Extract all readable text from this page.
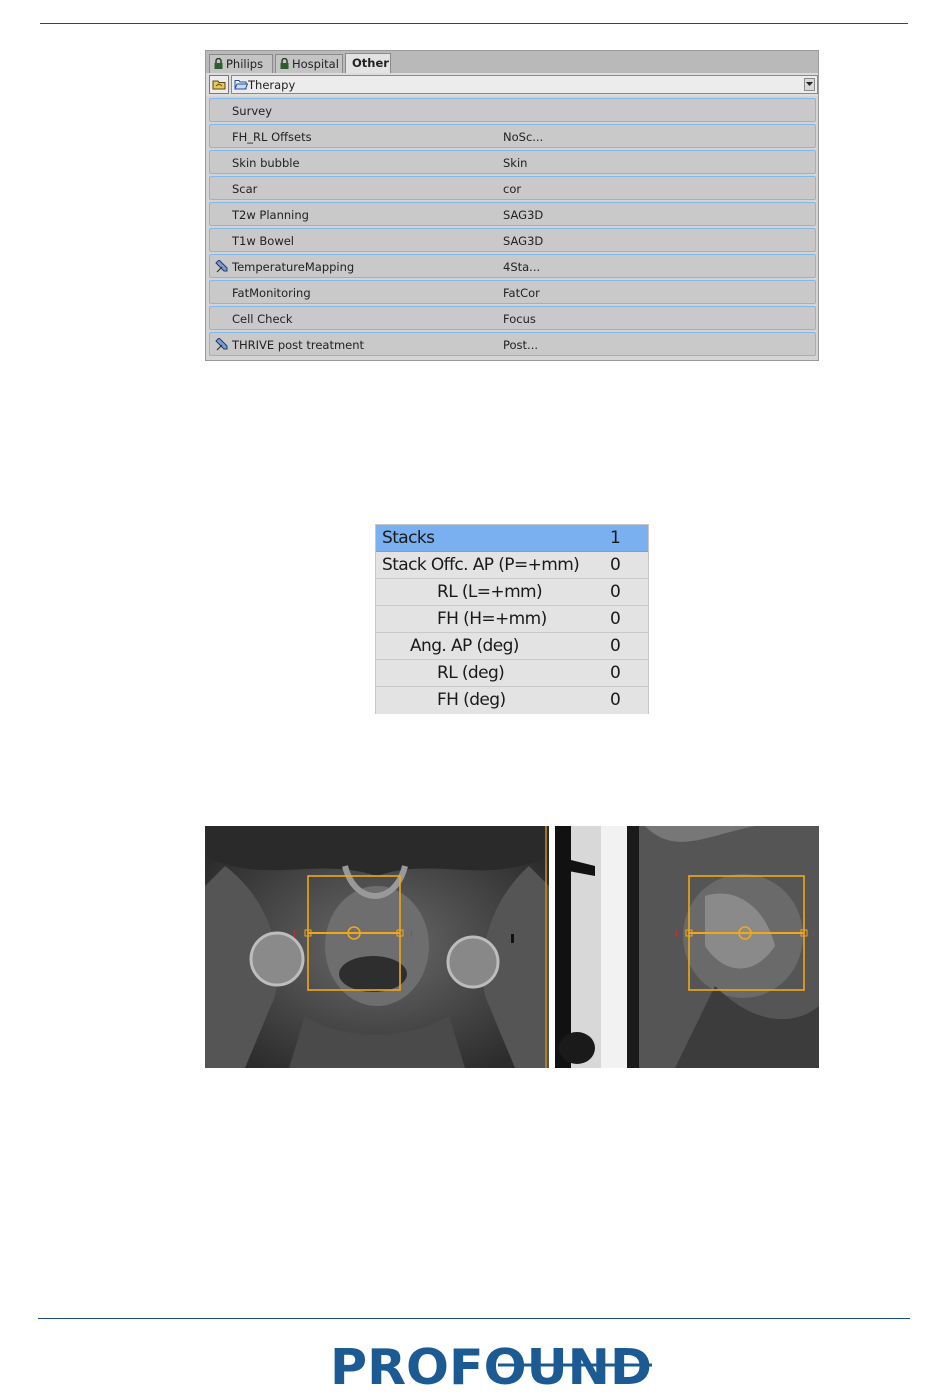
Philips	Hospital	Other
Therapy
Survey
FH_RL Offsets	NoSc...
Skin bubble	Skin
Scar	cor
T2w Planning	SAG3D
T1w Bowel	SAG3D
TemperatureMapping	4Sta...
FatMonitoring	FatCor
Cell Check	Focus
THRIVE post treatment	Post...
Stacks	1
Stack Offc. AP (P=+mm) 0
RL (L=+mm)	0
FH (H=+mm)	0
Ang. AP (deg)	0
RL (deg)	0
FH (deg)	0
I	I	I	I
PROFOUND
